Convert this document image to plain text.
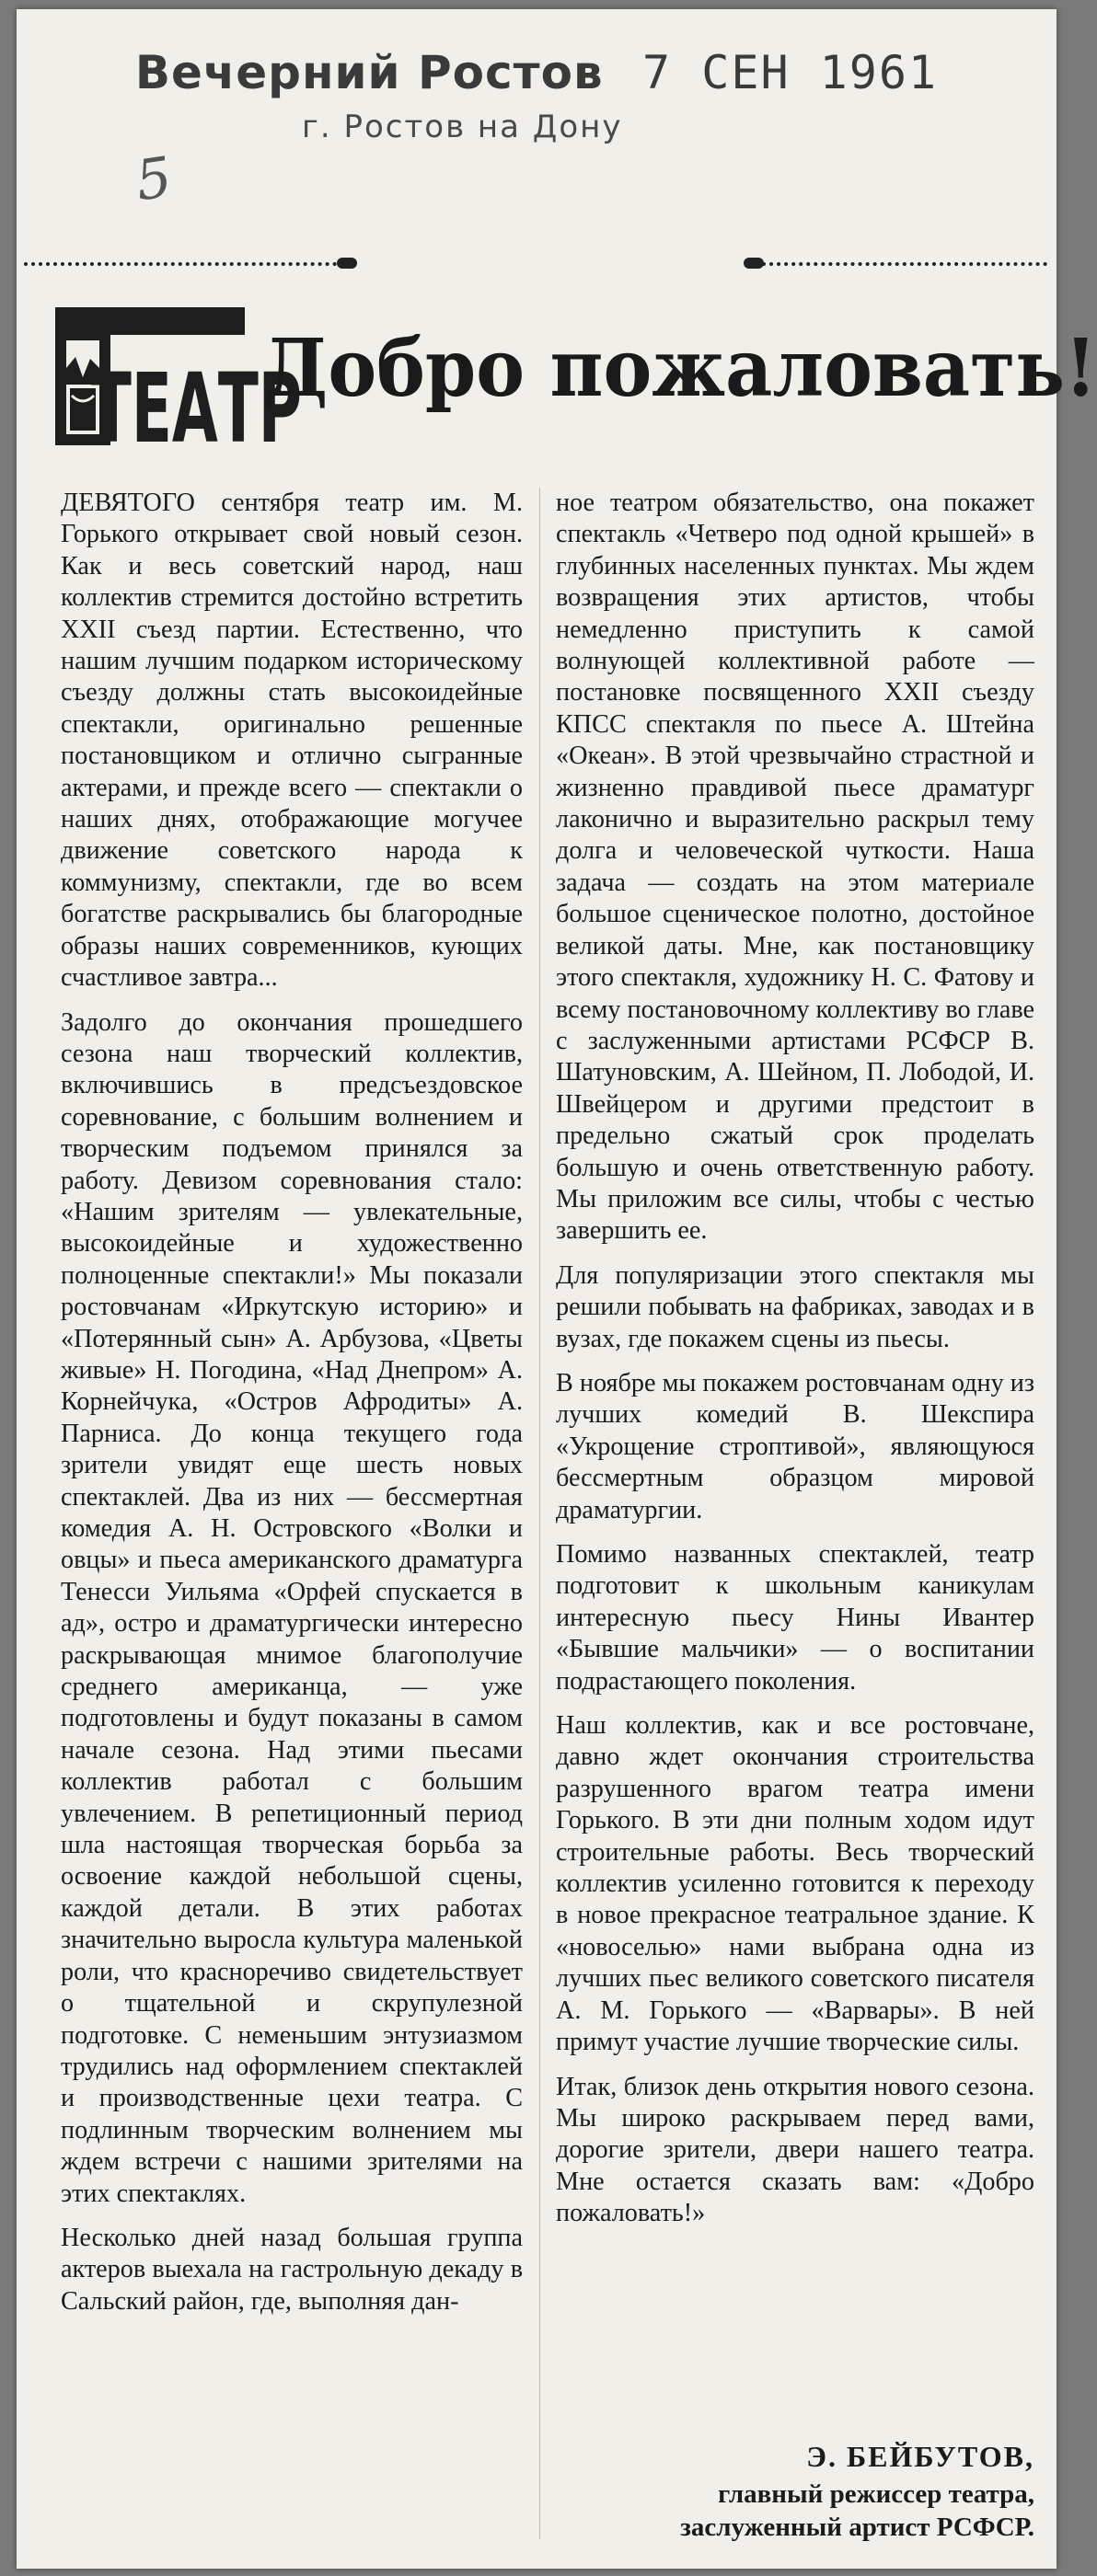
Вечерний Ростов 7 СЕН 1961
г. Ростов на Дону
5
ТЕАТР
Добро пожаловать!

ДЕВЯТОГО сентября театр им. М. Горького открывает свой новый сезон. Как и весь советский народ, наш коллектив стремится достойно встретить XXII съезд партии. Естественно, что нашим лучшим подарком историческому съезду должны стать высокоидейные спектакли, оригинально решенные постановщиком и отлично сыгранные актерами, и прежде всего — спектакли о наших днях, отображающие могучее движение советского народа к коммунизму, спектакли, где во всем богатстве раскрывались бы благородные образы наших современников, кующих счастливое завтра...

Задолго до окончания прошедшего сезона наш творческий коллектив, включившись в предсъездовское соревнование, с большим волнением и творческим подъемом принялся за работу. Девизом соревнования стало: «Нашим зрителям — увлекательные, высокоидейные и художественно полноценные спектакли!» Мы показали ростовчанам «Иркутскую историю» и «Потерянный сын» А. Арбузова, «Цветы живые» Н. Погодина, «Над Днепром» А. Корнейчука, «Остров Афродиты» А. Парниса. До конца текущего года зрители увидят еще шесть новых спектаклей. Два из них — бессмертная комедия А. Н. Островского «Волки и овцы» и пьеса американского драматурга Тенесси Уильяма «Орфей спускается в ад», остро и драматургически интересно раскрывающая мнимое благополучие среднего американца, — уже подготовлены и будут показаны в самом начале сезона. Над этими пьесами коллектив работал с большим увлечением. В репетиционный период шла настоящая творческая борьба за освоение каждой небольшой сцены, каждой детали. В этих работах значительно выросла культура маленькой роли, что красноречиво свидетельствует о тщательной и скрупулезной подготовке. С неменьшим энтузиазмом трудились над оформлением спектаклей и производственные цехи театра. С подлинным творческим волнением мы ждем встречи с нашими зрителями на этих спектаклях.

Несколько дней назад большая группа актеров выехала на гастрольную декаду в Сальский район, где, выполняя дан-

ное театром обязательство, она покажет спектакль «Четверо под одной крышей» в глубинных населенных пунктах. Мы ждем возвращения этих артистов, чтобы немедленно приступить к самой волнующей коллективной работе — постановке посвященного XXII съезду КПСС спектакля по пьесе А. Штейна «Океан». В этой чрезвычайно страстной и жизненно правдивой пьесе драматург лаконично и выразительно раскрыл тему долга и человеческой чуткости. Наша задача — создать на этом материале большое сценическое полотно, достойное великой даты. Мне, как постановщику этого спектакля, художнику Н. С. Фатову и всему постановочному коллективу во главе с заслуженными артистами РСФСР В. Шатуновским, А. Шейном, П. Лободой, И. Швейцером и другими предстоит в предельно сжатый срок проделать большую и очень ответственную работу. Мы приложим все силы, чтобы с честью завершить ее.

Для популяризации этого спектакля мы решили побывать на фабриках, заводах и в вузах, где покажем сцены из пьесы.

В ноябре мы покажем ростовчанам одну из лучших комедий В. Шекспира «Укрощение строптивой», являющуюся бессмертным образцом мировой драматургии.

Помимо названных спектаклей, театр подготовит к школьным каникулам интересную пьесу Нины Ивантер «Бывшие мальчики» — о воспитании подрастающего поколения.

Наш коллектив, как и все ростовчане, давно ждет окончания строительства разрушенного врагом театра имени Горького. В эти дни полным ходом идут строительные работы. Весь творческий коллектив усиленно готовится к переходу в новое прекрасное театральное здание. К «новоселью» нами выбрана одна из лучших пьес великого советского писателя А. М. Горького — «Варвары». В ней примут участие лучшие творческие силы.

Итак, близок день открытия нового сезона. Мы широко раскрываем перед вами, дорогие зрители, двери нашего театра. Мне остается сказать вам: «Добро пожаловать!»

Э. БЕЙБУТОВ,
главный режиссер театра,
заслуженный артист РСФСР.
